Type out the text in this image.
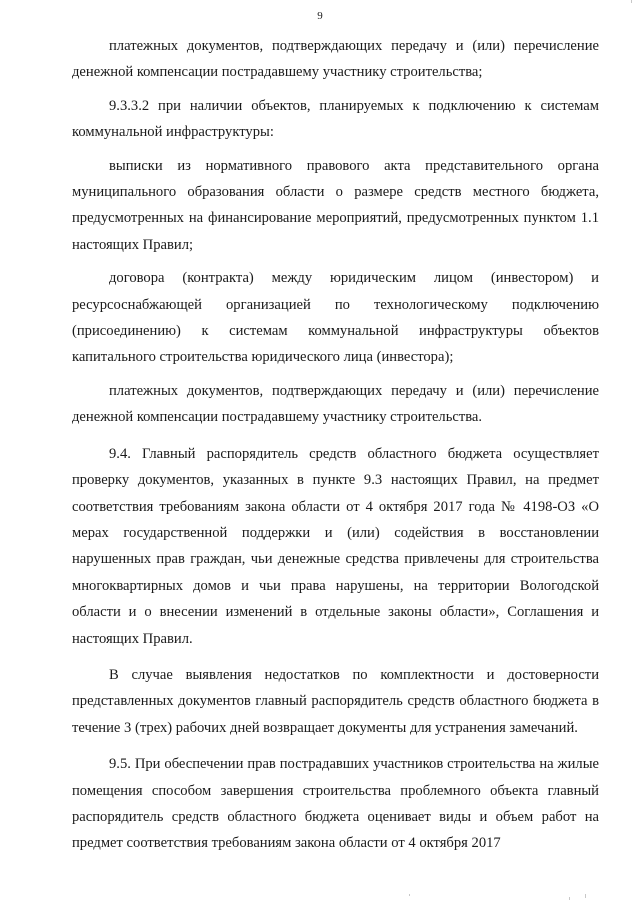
9

платежных документов, подтверждающих передачу и (или) перечисление денежной компенсации пострадавшему участнику строительства;

9.3.3.2 при наличии объектов, планируемых к подключению к системам коммунальной инфраструктуры:

выписки из нормативного правового акта представительного органа муниципального образования области о размере средств местного бюджета, предусмотренных на финансирование мероприятий, предусмотренных пунктом 1.1 настоящих Правил;

договора (контракта) между юридическим лицом (инвестором) и ресурсоснабжающей организацией по технологическому подключению (присоединению) к системам коммунальной инфраструктуры объектов капитального строительства юридического лица (инвестора);

платежных документов, подтверждающих передачу и (или) перечисление денежной компенсации пострадавшему участнику строительства.

9.4. Главный распорядитель средств областного бюджета осуществляет проверку документов, указанных в пункте 9.3 настоящих Правил, на предмет соответствия требованиям закона области от 4 октября 2017 года № 4198-ОЗ «О мерах государственной поддержки и (или) содействия в восстановлении нарушенных прав граждан, чьи денежные средства привлечены для строительства многоквартирных домов и чьи права нарушены, на территории Вологодской области и о внесении изменений в отдельные законы области», Соглашения и настоящих Правил.

В случае выявления недостатков по комплектности и достоверности представленных документов главный распорядитель средств областного бюджета в течение 3 (трех) рабочих дней возвращает документы для устранения замечаний.

9.5. При обеспечении прав пострадавших участников строительства на жилые помещения способом завершения строительства проблемного объекта главный распорядитель средств областного бюджета оценивает виды и объем работ на предмет соответствия требованиям закона области от 4 октября 2017
